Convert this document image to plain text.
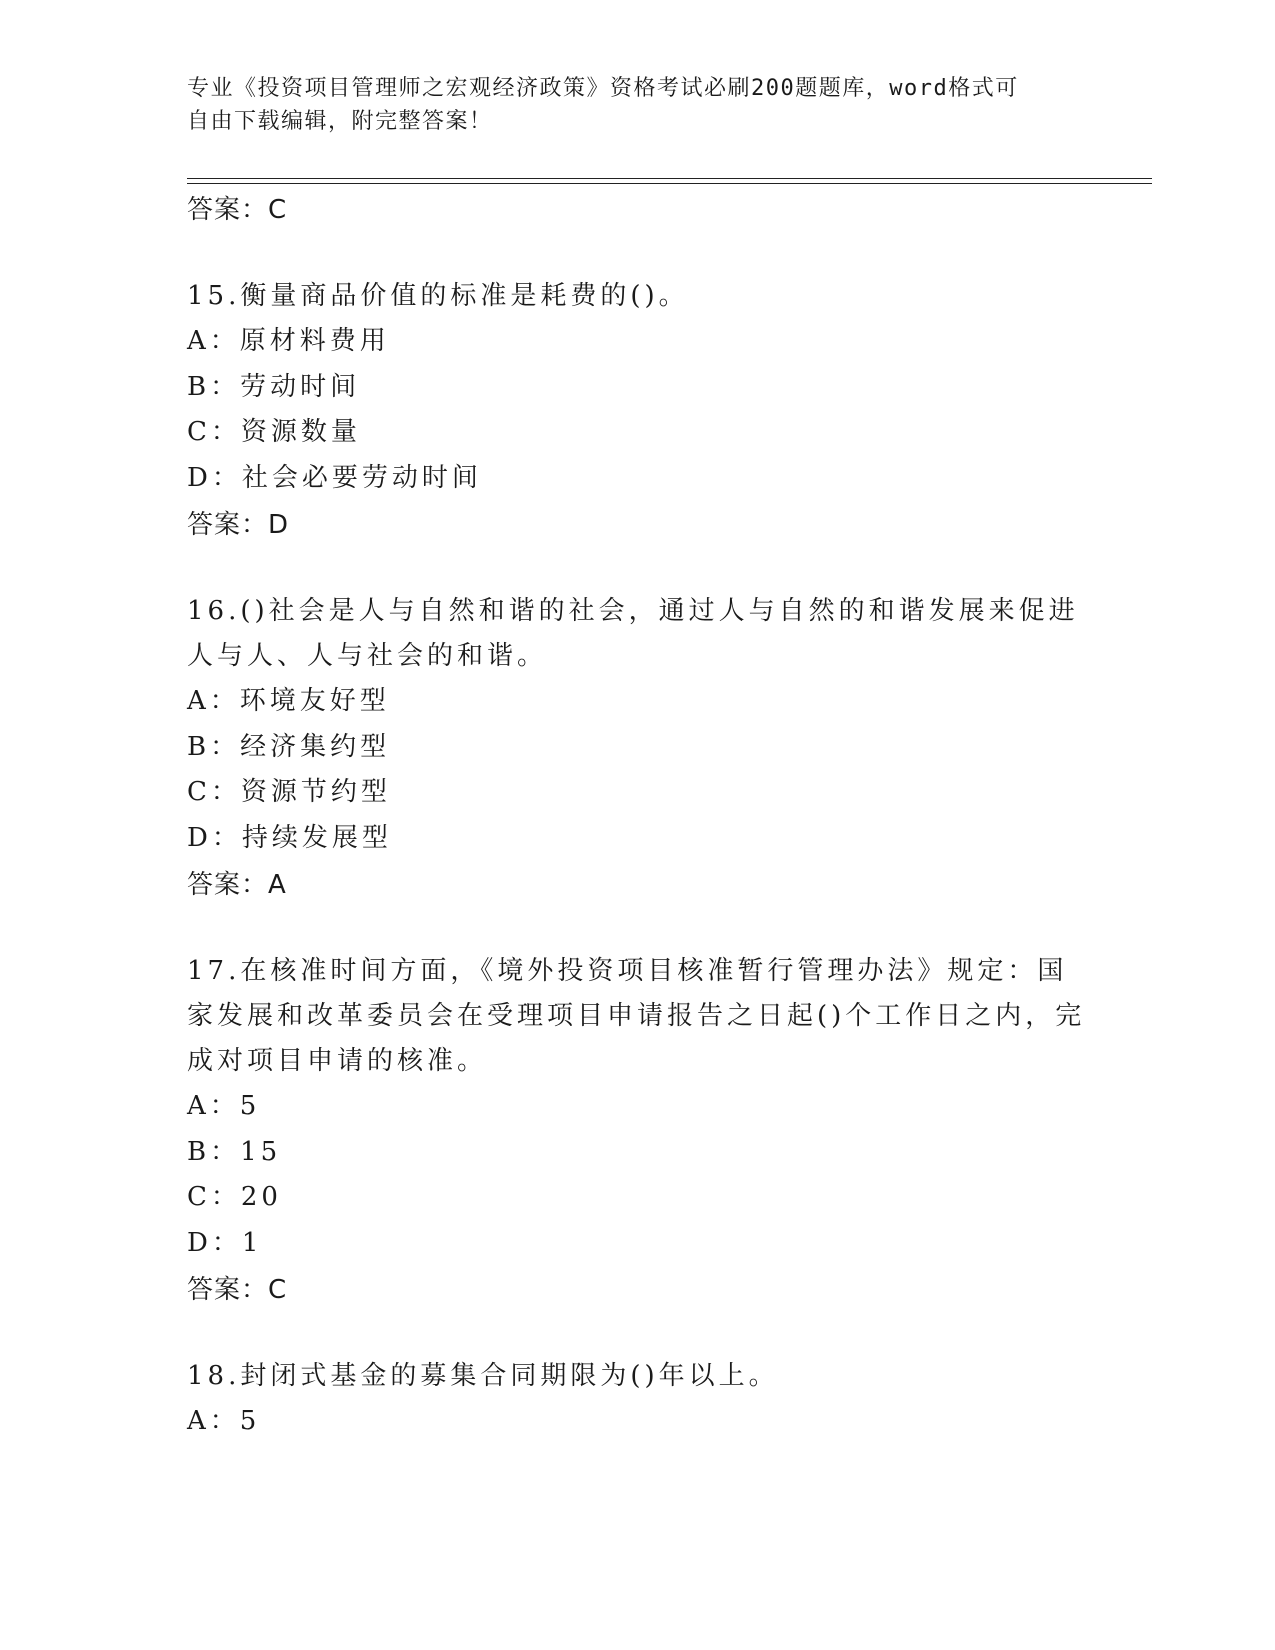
专业《投资项目管理师之宏观经济政策》资格考试必刷200题题库，word格式可
自由下载编辑，附完整答案！
答案：C
15.衡量商品价值的标准是耗费的()。
A：原材料费用
B：劳动时间
C：资源数量
D：社会必要劳动时间
答案：D
16.()社会是人与自然和谐的社会，通过人与自然的和谐发展来促进人与人、人与社会的和谐。
A：环境友好型
B：经济集约型
C：资源节约型
D：持续发展型
答案：A
17.在核准时间方面，《境外投资项目核准暂行管理办法》规定：国家发展和改革委员会在受理项目申请报告之日起()个工作日之内，完成对项目申请的核准。
A：5
B：15
C：20
D：1
答案：C
18.封闭式基金的募集合同期限为()年以上。
A：5
